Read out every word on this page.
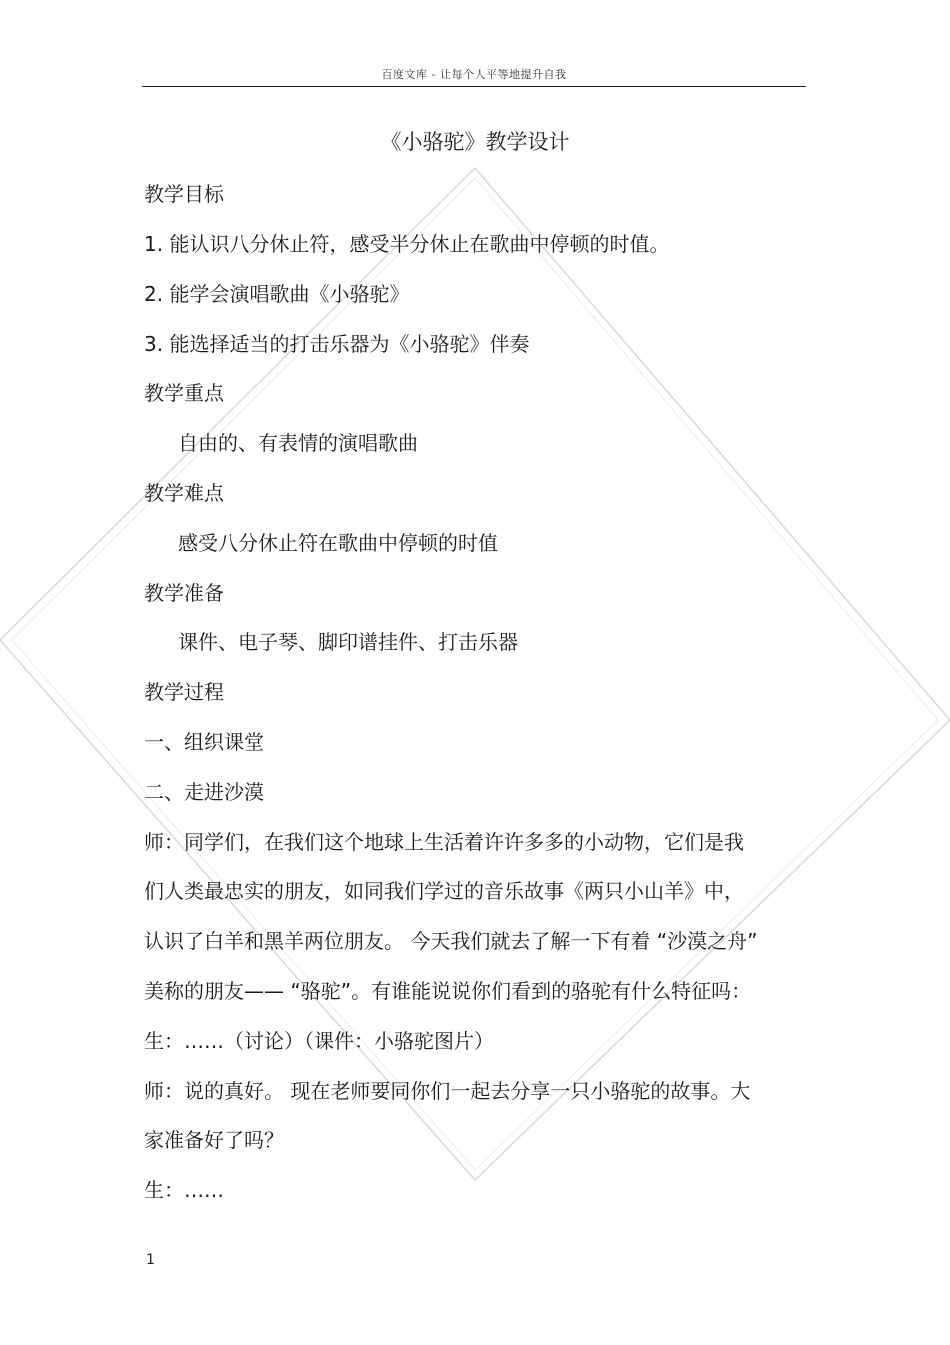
百度文库 - 让每个人平等地提升自我
《小骆驼》教学设计
教学目标
1. 能认识八分休止符，感受半分休止在歌曲中停顿的时值。
2. 能学会演唱歌曲《小骆驼》
3. 能选择适当的打击乐器为《小骆驼》伴奏
教学重点
自由的、有表情的演唱歌曲
教学难点
感受八分休止符在歌曲中停顿的时值
教学准备
课件、电子琴、脚印谱挂件、打击乐器
教学过程
一、组织课堂
二、走进沙漠
师：同学们，在我们这个地球上生活着许许多多的小动物，它们是我
们人类最忠实的朋友，如同我们学过的音乐故事《两只小山羊》中，
认识了白羊和黑羊两位朋友。 今天我们就去了解一下有着 “沙漠之舟”
美称的朋友—— “骆驼”。有谁能说说你们看到的骆驼有什么特征吗：
生：……（讨论）（课件：小骆驼图片）
师：说的真好。 现在老师要同你们一起去分享一只小骆驼的故事。大
家准备好了吗？
生：……
1
